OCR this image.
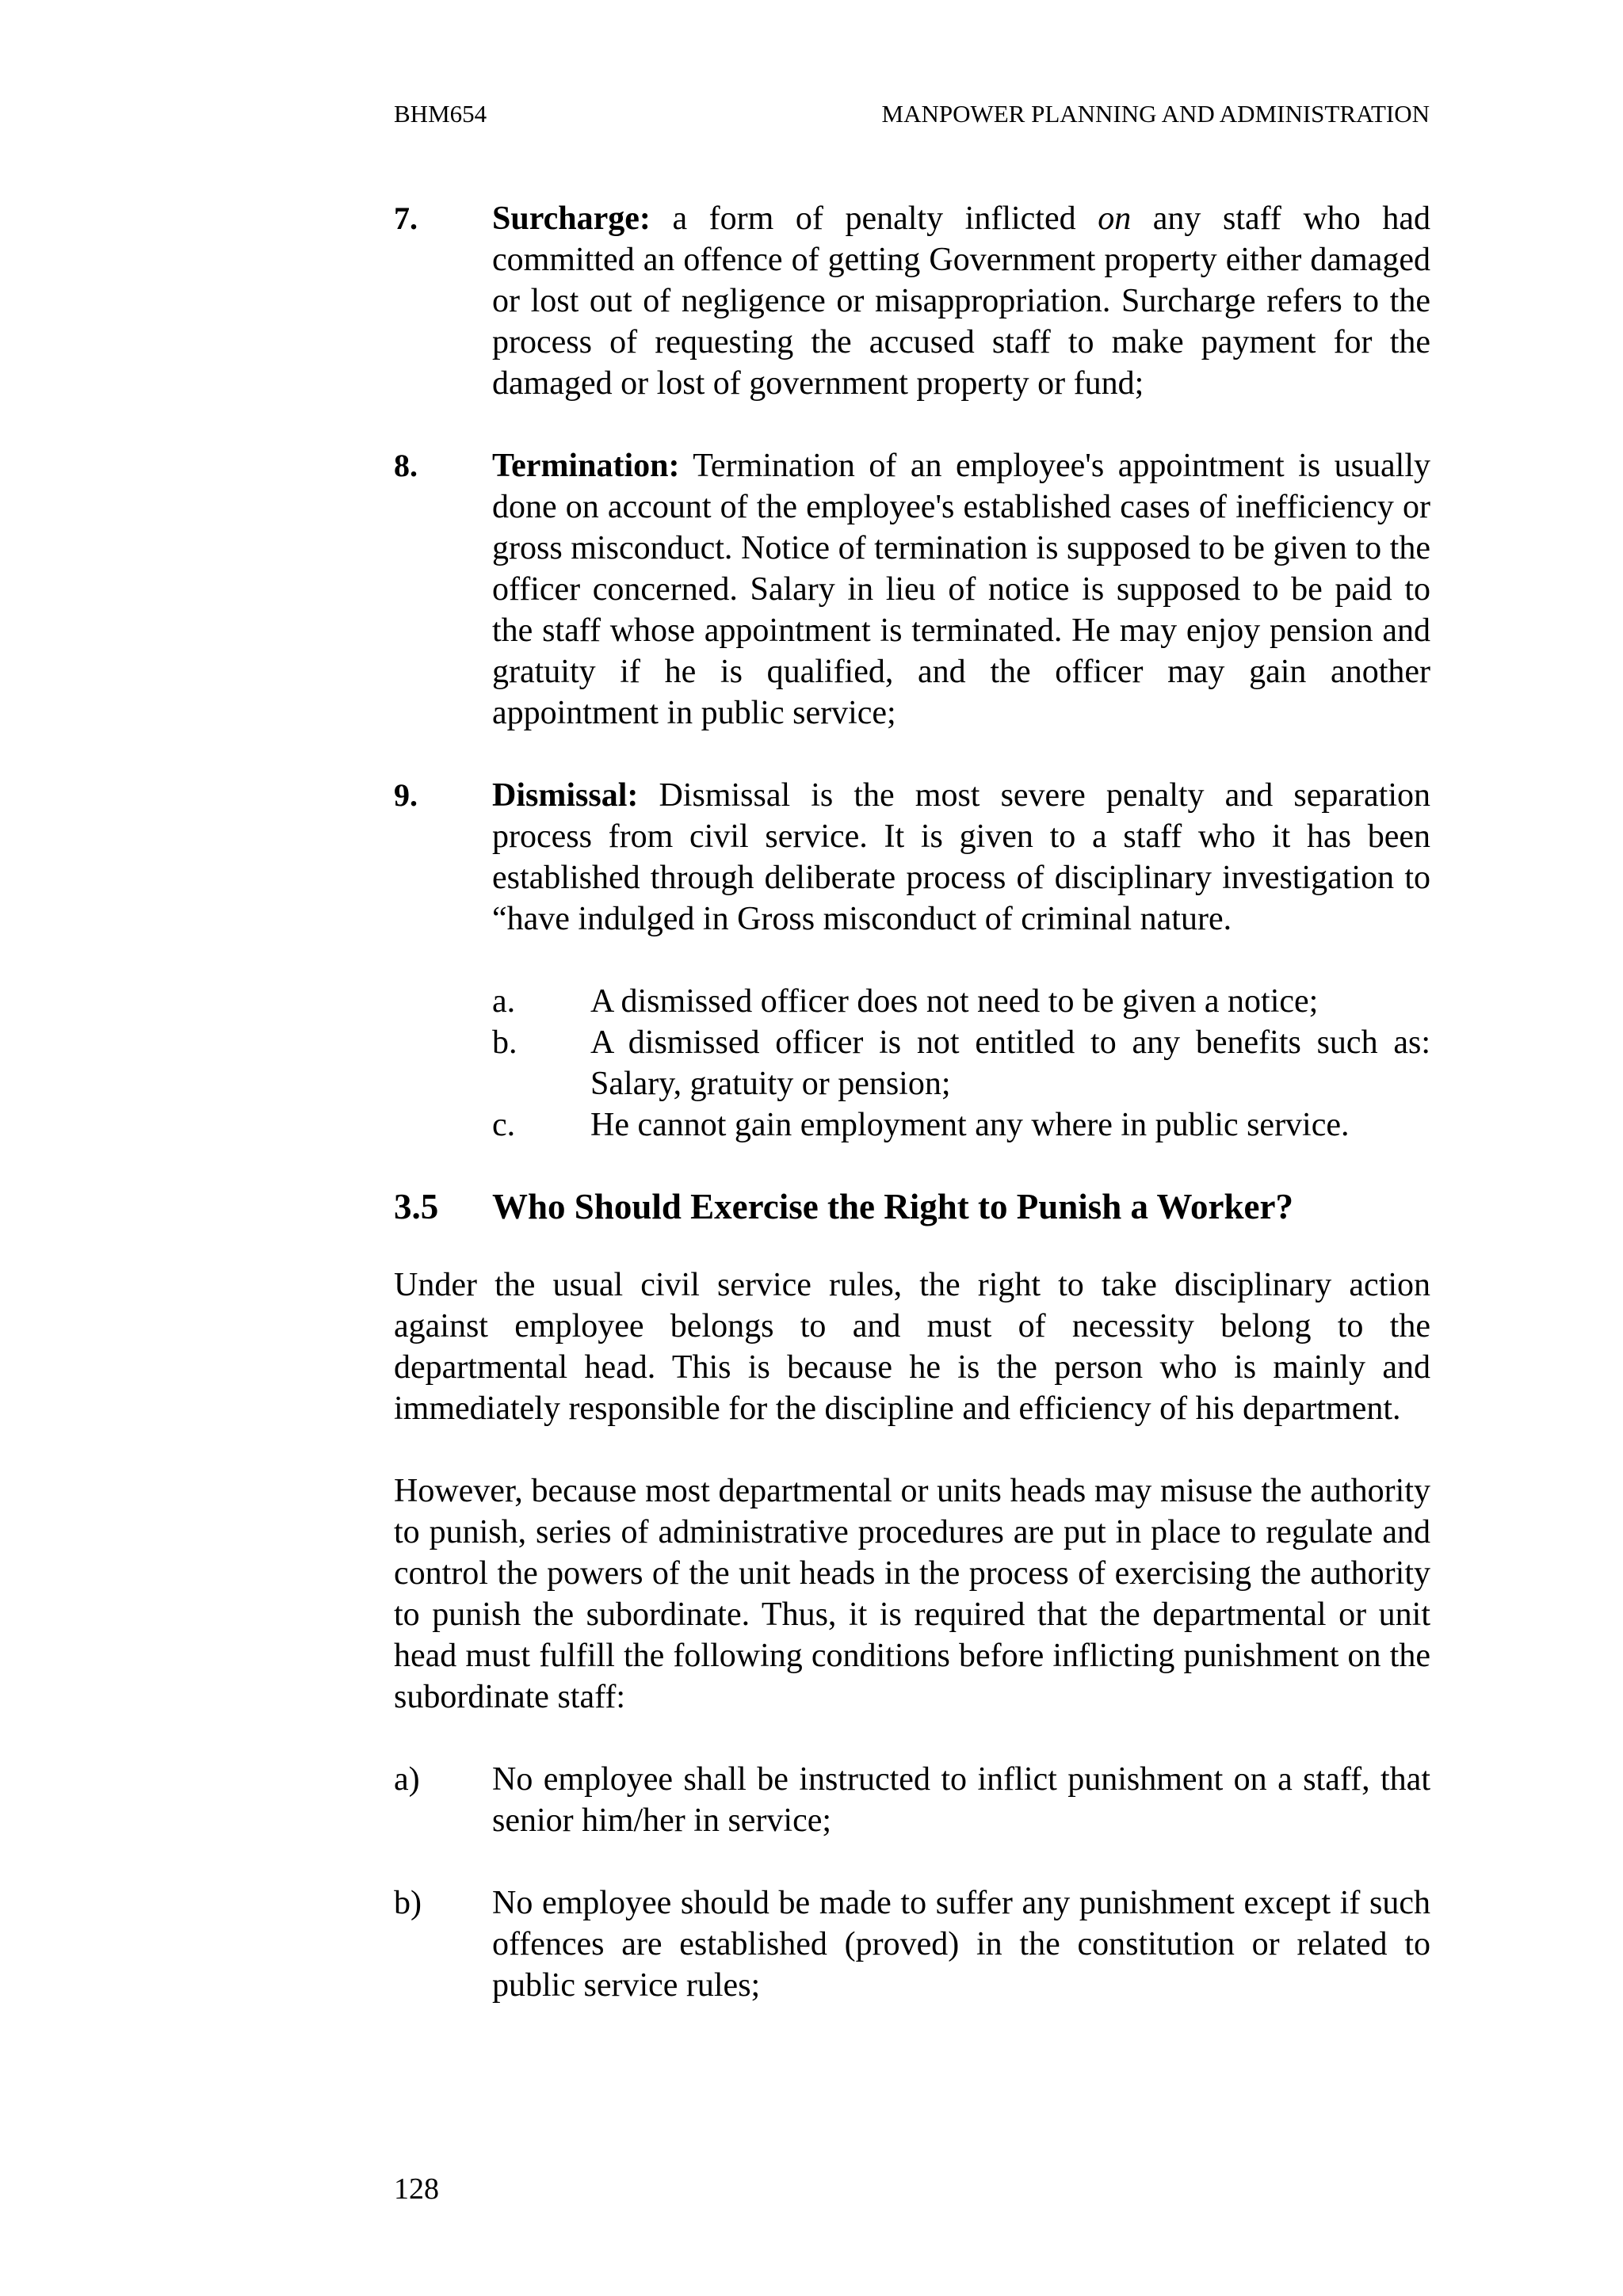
BHM654	MANPOWER PLANNING AND ADMINISTRATION
7.	Surcharge: a form of penalty inflicted on any staff who had committed an offence of getting Government property either damaged or lost out of negligence or misappropriation. Surcharge refers to the process of requesting the accused staff to make payment for the damaged or lost of government property or fund;

8.	Termination: Termination of an employee's appointment is usually done on account of the employee's established cases of inefficiency or gross misconduct. Notice of termination is supposed to be given to the officer concerned. Salary in lieu of notice is supposed to be paid to the staff whose appointment is terminated. He may enjoy pension and gratuity if he is qualified, and the officer may gain another appointment in public service;

9.	Dismissal: Dismissal is the most severe penalty and separation process from civil service. It is given to a staff who it has been established through deliberate process of disciplinary investigation to “have indulged in Gross misconduct of criminal nature.

a.	A dismissed officer does not need to be given a notice;

b.	A dismissed officer is not entitled to any benefits such as: Salary, gratuity or pension;

c.	He cannot gain employment any where in public service.

3.5	Who Should Exercise the Right to Punish a Worker?

Under the usual civil service rules, the right to take disciplinary action against employee belongs to and must of necessity belong to the departmental head. This is because he is the person who is mainly and immediately responsible for the discipline and efficiency of his department.

However, because most departmental or units heads may misuse the authority to punish, series of administrative procedures are put in place to regulate and control the powers of the unit heads in the process of exercising the authority to punish the subordinate. Thus, it is required that the departmental or unit head must fulfill the following conditions before inflicting punishment on the subordinate staff:

a)	No employee shall be instructed to inflict punishment on a staff, that senior him/her in service;

b)	No employee should be made to suffer any punishment except if such offences are established (proved) in the constitution or related to public service rules;

128
